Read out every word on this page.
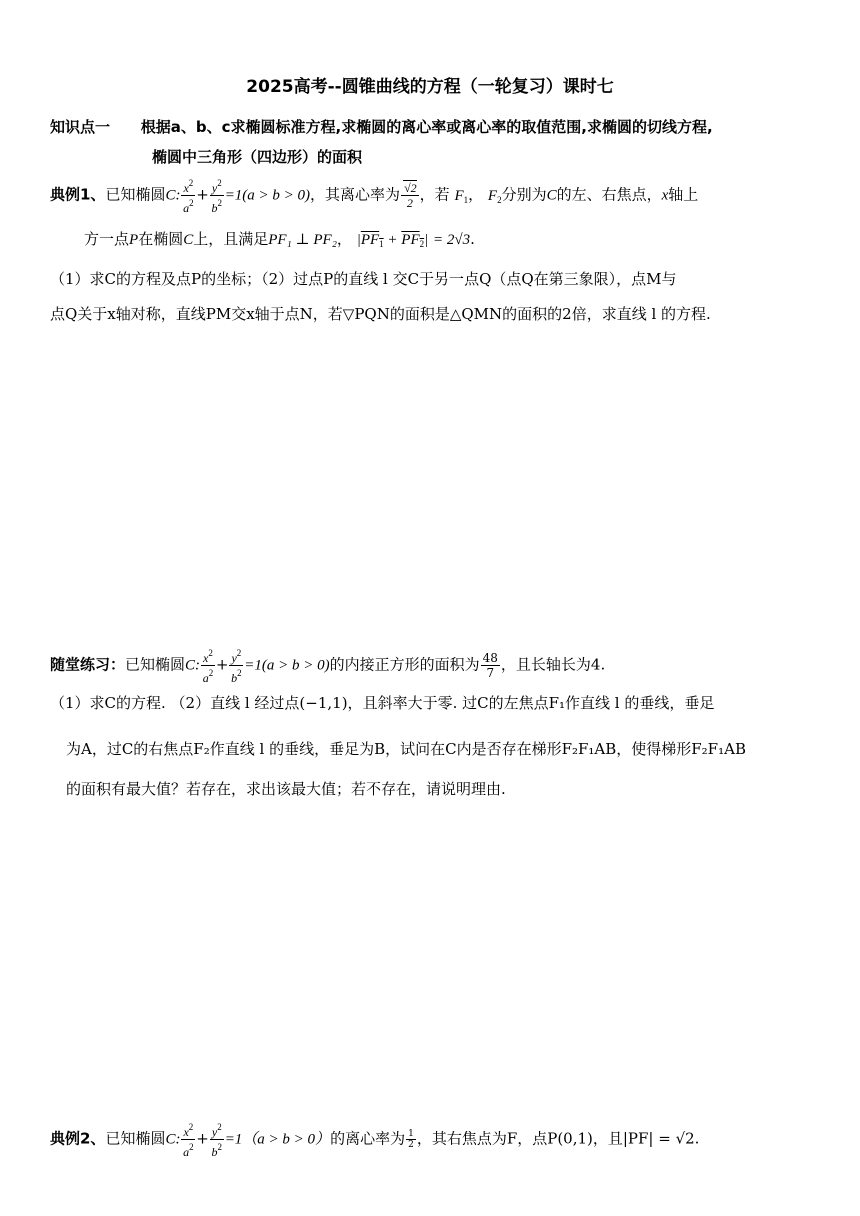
2025高考--圆锥曲线的方程（一轮复习）课时七
知识点一 根据a、b、c求椭圆标准方程,求椭圆的离心率或离心率的取值范围,求椭圆的切线方程,
椭圆中三角形（四边形）的面积
典例1、已知椭圆C: $\frac{x^2}{a^2} + \frac{y^2}{b^2} =1(a > b > 0)$，其离心率为 $\frac{√2}{2}$ ，若 $F_1$， $F_2$分别为C的左、右焦点，x轴上
方一点P在椭圆C上，且满足PF₁ ⊥ PF₂， $|PF_1 + PF_2| = 2√3$.
（1）求C的方程及点P的坐标；（2）过点P的直线 l 交C于另一点Q（点Q在第三象限），点M与
点Q关于x轴对称，直线PM交x轴于点N，若▽PQN的面积是△QMN的面积的2倍，求直线 l 的方程.
随堂练习：已知椭圆C: $\frac{x^2}{a^2} + \frac{y^2}{b^2} =1(a > b > 0)$的内接正方形的面积为 $\frac{48}{7}$ ，且长轴长为4.
（1）求C的方程. （2）直线 l 经过点(−1,1)，且斜率大于零. 过C的左焦点F₁作直线 l 的垂线，垂足
为A，过C的右焦点F₂作直线 l 的垂线，垂足为B，试问在C内是否存在梯形F₂F₁AB，使得梯形F₂F₁AB
的面积有最大值？若存在，求出该最大值；若不存在，请说明理由.
典例2、已知椭圆C: $\frac{x^2}{a^2} + \frac{y^2}{b^2} =1(a > b > 0)$的离心率为 $\frac{1}{2}$ ，其右焦点为F，点P(0,1)，且|PF| = √2.
